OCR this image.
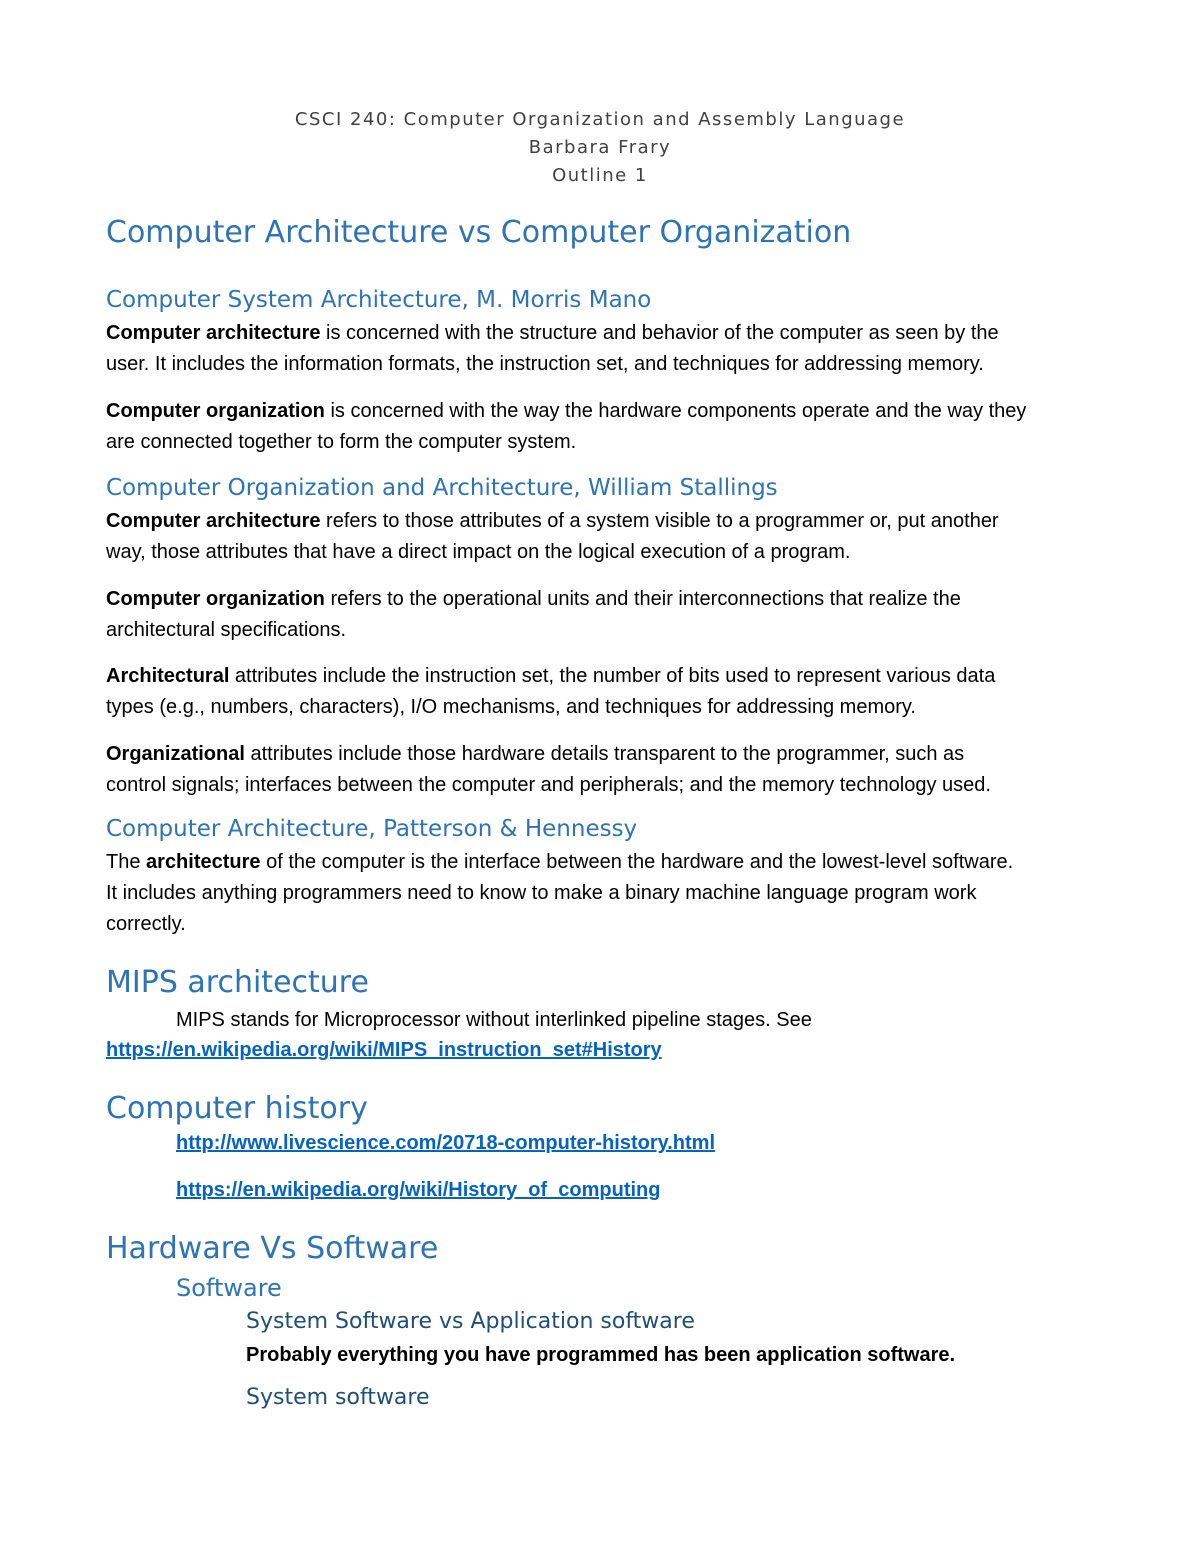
CSCI 240: Computer Organization and Assembly Language
Barbara Frary
Outline 1
Computer Architecture vs Computer Organization
Computer System Architecture, M. Morris Mano
Computer architecture is concerned with the structure and behavior of the computer as seen by the
user. It includes the information formats, the instruction set, and techniques for addressing memory.
Computer organization is concerned with the way the hardware components operate and the way they
are connected together to form the computer system.
Computer Organization and Architecture, William Stallings
Computer architecture refers to those attributes of a system visible to a programmer or, put another
way, those attributes that have a direct impact on the logical execution of a program.
Computer organization refers to the operational units and their interconnections that realize the
architectural specifications.
Architectural attributes include the instruction set, the number of bits used to represent various data
types (e.g., numbers, characters), I/O mechanisms, and techniques for addressing memory.
Organizational attributes include those hardware details transparent to the programmer, such as
control signals; interfaces between the computer and peripherals; and the memory technology used.
Computer Architecture, Patterson & Hennessy
The architecture of the computer is the interface between the hardware and the lowest-level software.
It includes anything programmers need to know to make a binary machine language program work
correctly.
MIPS architecture
MIPS stands for Microprocessor without interlinked pipeline stages. See
https://en.wikipedia.org/wiki/MIPS_instruction_set#History
Computer history
http://www.livescience.com/20718-computer-history.html
https://en.wikipedia.org/wiki/History_of_computing
Hardware Vs Software
Software
System Software vs Application software
Probably everything you have programmed has been application software.
System software
